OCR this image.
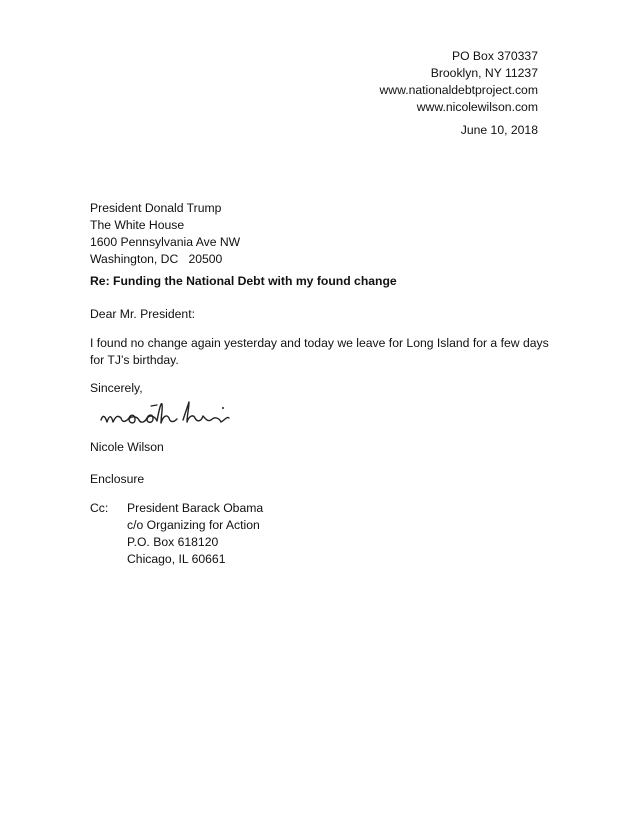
PO Box 370337
Brooklyn, NY 11237
www.nationaldebtproject.com
www.nicolewilson.com
June 10, 2018
President Donald Trump
The White House
1600 Pennsylvania Ave NW
Washington, DC   20500
Re: Funding the National Debt with my found change
Dear Mr. President:
I found no change again yesterday and today we leave for Long Island for a few days for TJ’s birthday.
Sincerely,
Nicole Wilson
Enclosure
Cc: President Barack Obama
c/o Organizing for Action
P.O. Box 618120
Chicago, IL 60661
